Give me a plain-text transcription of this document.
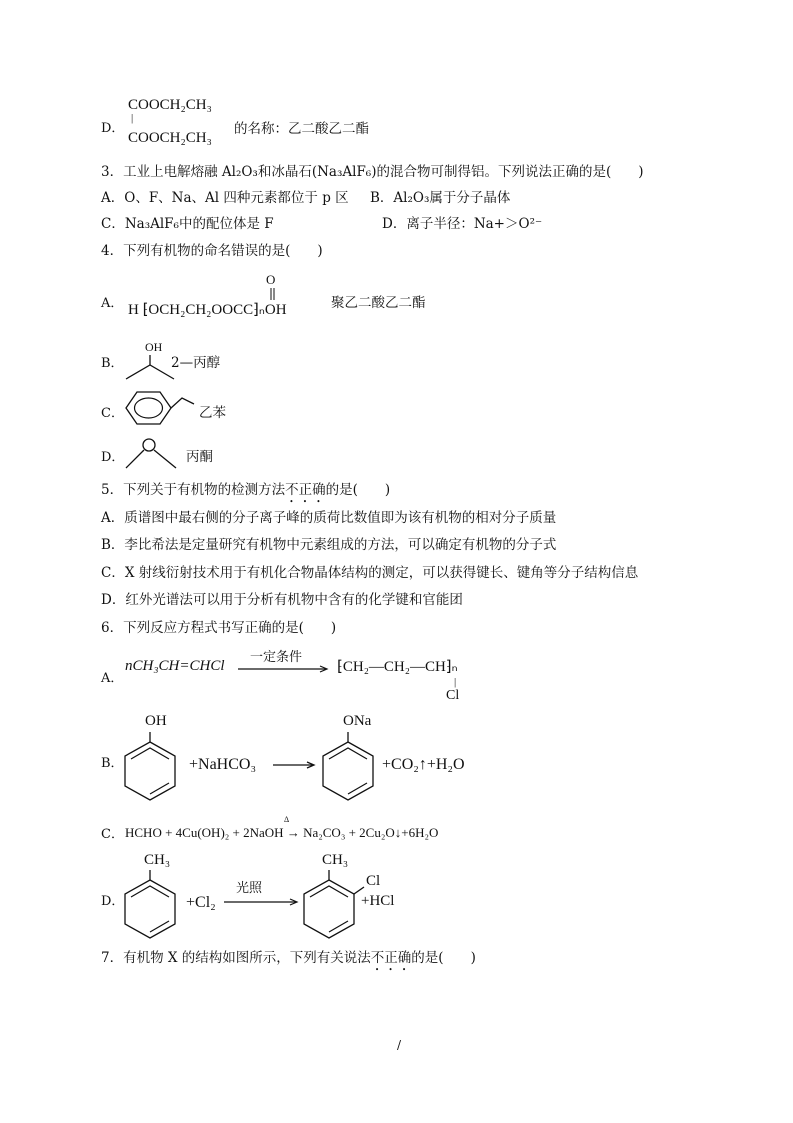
D．
COOCH₂CH₃
|
COOCH₂CH₃
的名称：乙二酸乙二酯
3．工业上电解熔融 Al₂O₃和冰晶石(Na₃AlF₆)的混合物可制得铝。下列说法正确的是(　　)
A．O、F、Na、Al 四种元素都位于 p 区 B．Al₂O₃属于分子晶体
C．Na₃AlF₆中的配位体是 F	D．离子半径：Na+＞O²⁻
4．下列有机物的命名错误的是(　　)
A．
O
H ⁅OCH₂CH₂OOCC⁆ₙOH	聚乙二酸乙二酯
B．
OH
2—丙醇
C．	乙苯
D．	丙酮
5．下列关于有机物的检测方法不正确的是(　　)
A．质谱图中最右侧的分子离子峰的质荷比数值即为该有机物的相对分子质量
B．李比希法是定量研究有机物中元素组成的方法，可以确定有机物的分子式
C．X 射线衍射技术用于有机化合物晶体结构的测定，可以获得键长、键角等分子结构信息
D．红外光谱法可以用于分析有机物中含有的化学键和官能团
6．下列反应方程式书写正确的是(　　)
A．
nCH₃CH=CHCl
一定条件
⁅CH₂—CH₂—CH⁆ₙ
|
Cl
B．
OH
+NaHCO₃
ONa
+CO₂↑+H₂O
C．
Δ
HCHO + 4Cu(OH)₂ + 2NaOH → Na₂CO₃ + 2Cu₂O↓+6H₂O
D．
CH₃
+Cl₂
光照
CH₃
Cl
+HCl
7．有机物 X 的结构如图所示，下列有关说法不正确的是(　　)
/
